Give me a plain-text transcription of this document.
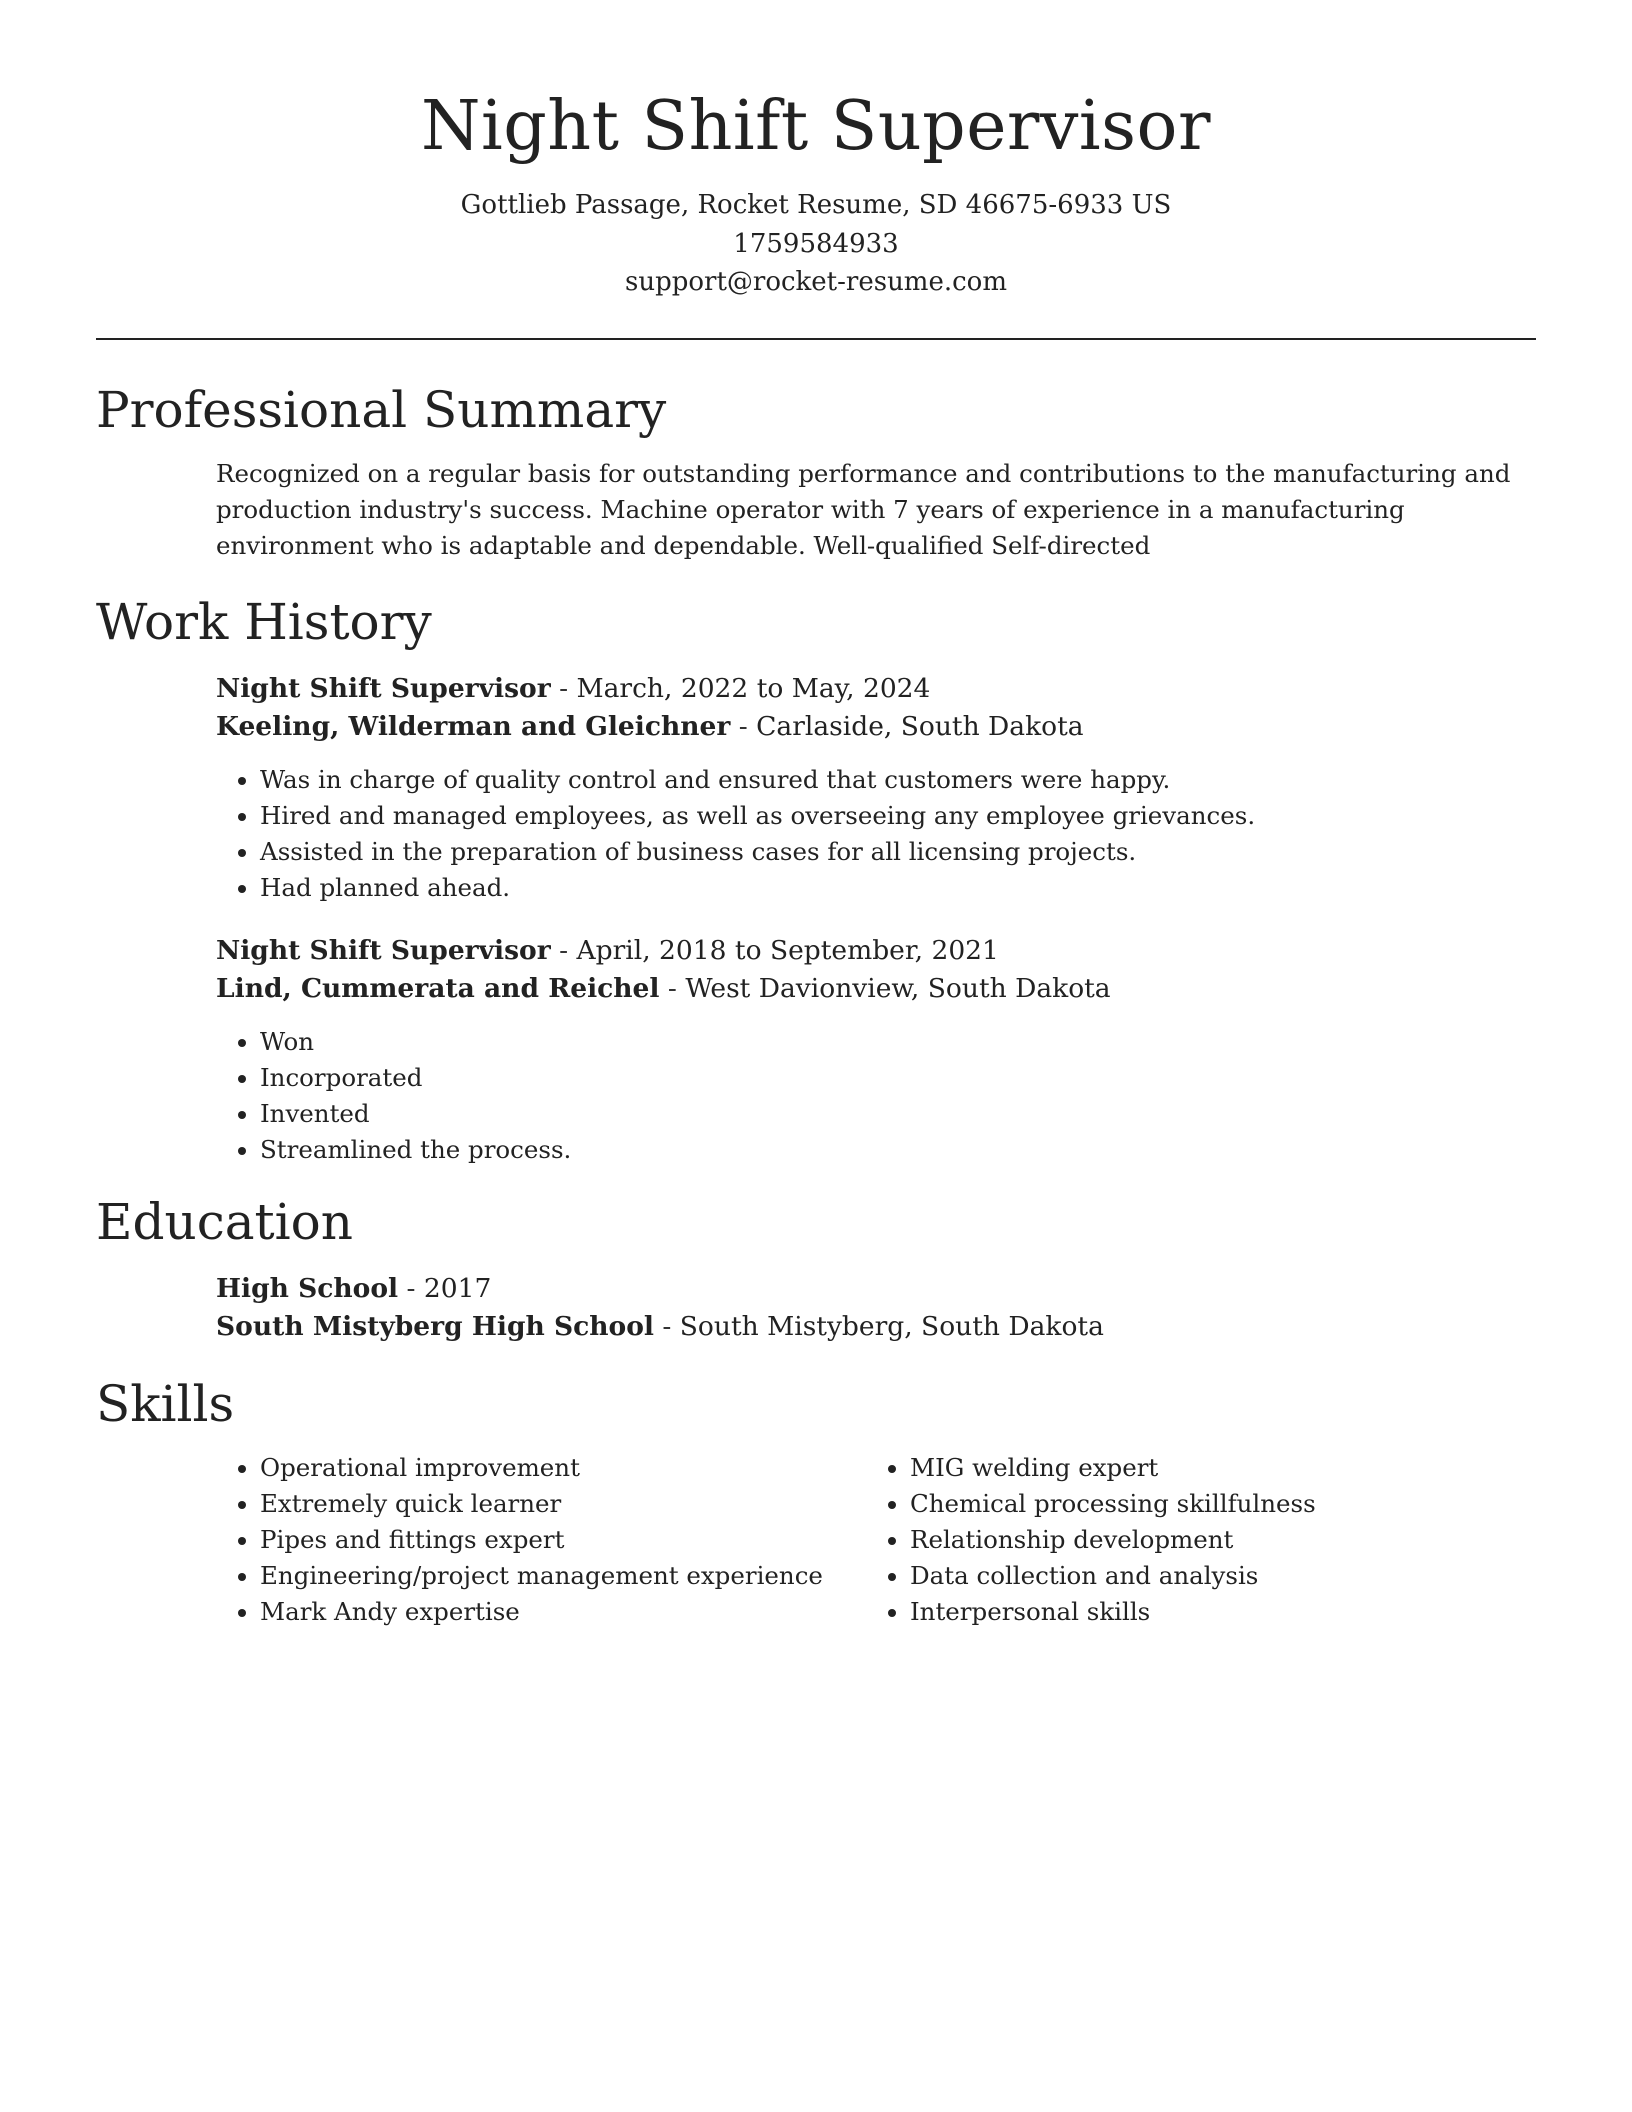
Night Shift Supervisor
Gottlieb Passage, Rocket Resume, SD 46675-6933 US
1759584933
support@rocket-resume.com
Professional Summary
Recognized on a regular basis for outstanding performance and contributions to the manufacturing and production industry's success. Machine operator with 7 years of experience in a manufacturing environment who is adaptable and dependable. Well-qualified Self-directed
Work History
Night Shift Supervisor - March, 2022 to May, 2024
Keeling, Wilderman and Gleichner - Carlaside, South Dakota
• Was in charge of quality control and ensured that customers were happy.
• Hired and managed employees, as well as overseeing any employee grievances.
• Assisted in the preparation of business cases for all licensing projects.
• Had planned ahead.
Night Shift Supervisor - April, 2018 to September, 2021
Lind, Cummerata and Reichel - West Davionview, South Dakota
• Won
• Incorporated
• Invented
• Streamlined the process.
Education
High School - 2017
South Mistyberg High School - South Mistyberg, South Dakota
Skills
• Operational improvement
• Extremely quick learner
• Pipes and fittings expert
• Engineering/project management experience
• Mark Andy expertise
• MIG welding expert
• Chemical processing skillfulness
• Relationship development
• Data collection and analysis
• Interpersonal skills
